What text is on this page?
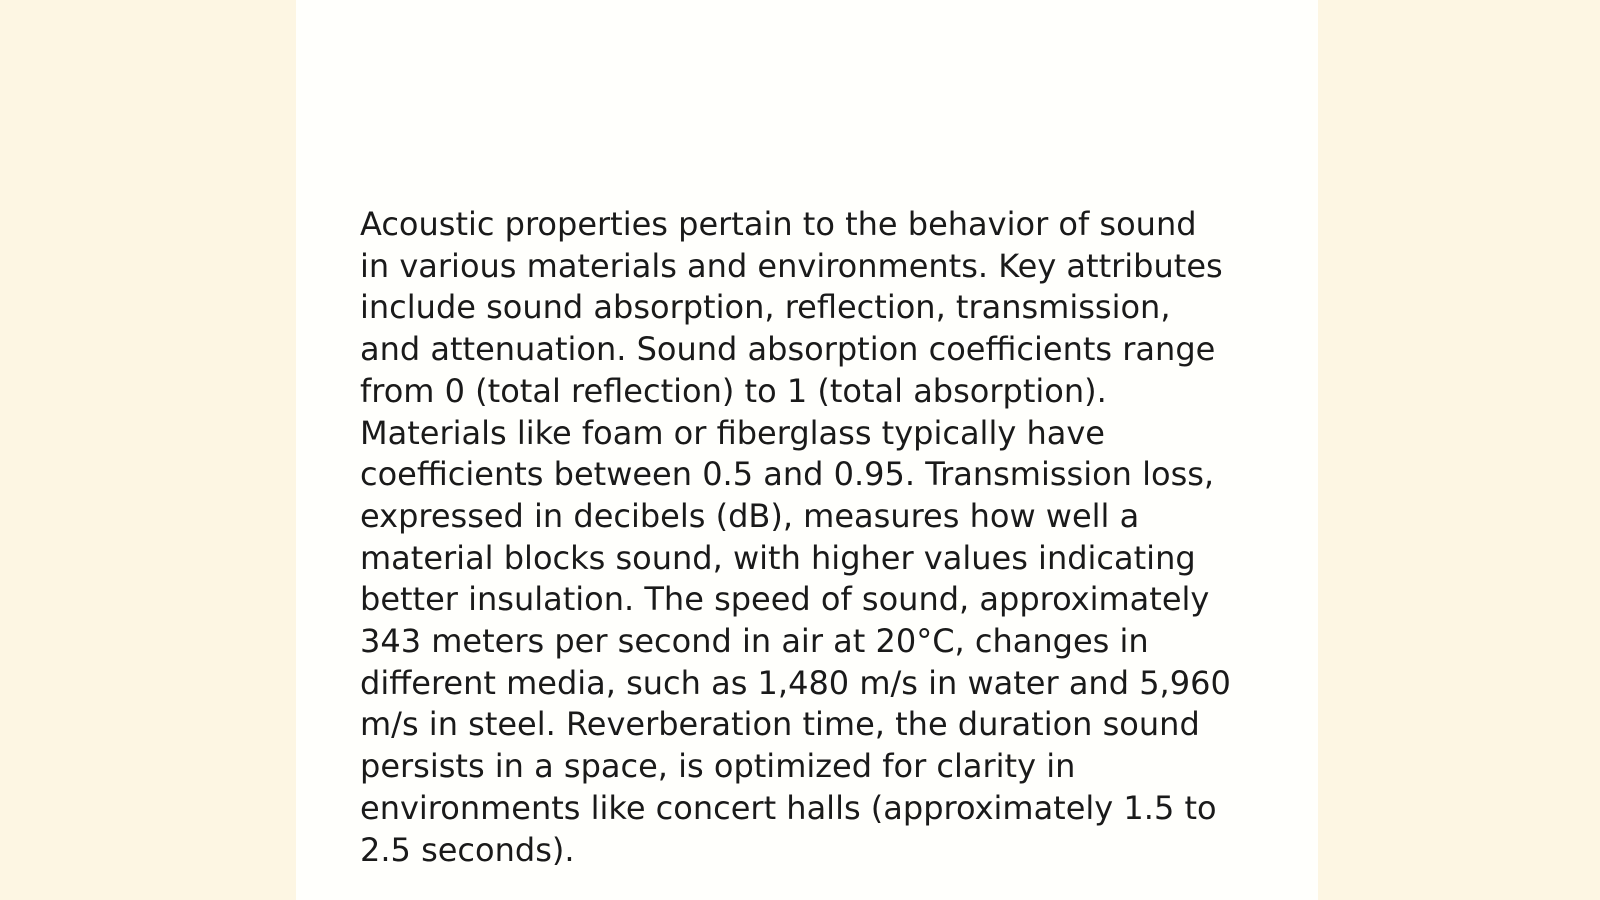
Acoustic properties pertain to the behavior of sound
in various materials and environments. Key attributes
include sound absorption, reflection, transmission,
and attenuation. Sound absorption coefficients range
from 0 (total reflection) to 1 (total absorption).
Materials like foam or fiberglass typically have
coefficients between 0.5 and 0.95. Transmission loss,
expressed in decibels (dB), measures how well a
material blocks sound, with higher values indicating
better insulation. The speed of sound, approximately
343 meters per second in air at 20°C, changes in
different media, such as 1,480 m/s in water and 5,960
m/s in steel. Reverberation time, the duration sound
persists in a space, is optimized for clarity in
environments like concert halls (approximately 1.5 to
2.5 seconds).
